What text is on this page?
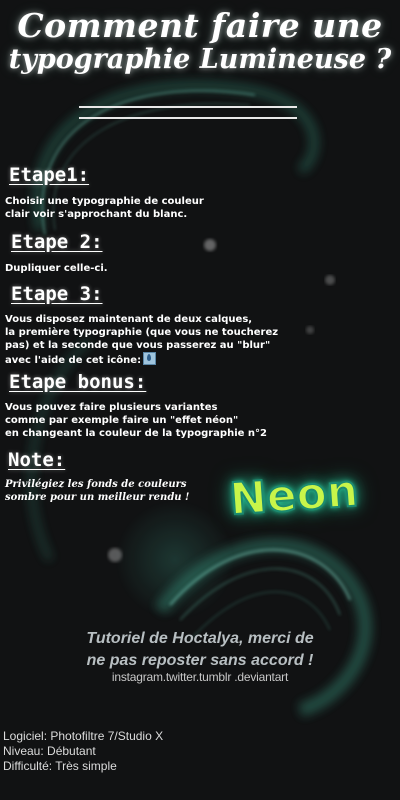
Comment faire une
typographie Lumineuse ?
Etape1:
Choisir une typographie de couleur
clair voir s'approchant du blanc.
Etape 2:
Dupliquer celle-ci.
Etape 3:
Vous disposez maintenant de deux calques,
la première typographie (que vous ne toucherez
pas) et la seconde que vous passerez au "blur"
avec l'aide de cet icône:
Etape bonus:
Vous pouvez faire plusieurs variantes
comme par exemple faire un "effet néon"
en changeant la couleur de la typographie n°2
Note:
Privilégiez les fonds de couleurs
sombre pour un meilleur rendu ! Neon
Tutoriel de Hoctalya, merci de
ne pas reposter sans accord !
instagram.twitter.tumblr .deviantart
Logiciel: Photofiltre 7/Studio X
Niveau: Débutant
Difficulté: Très simple
